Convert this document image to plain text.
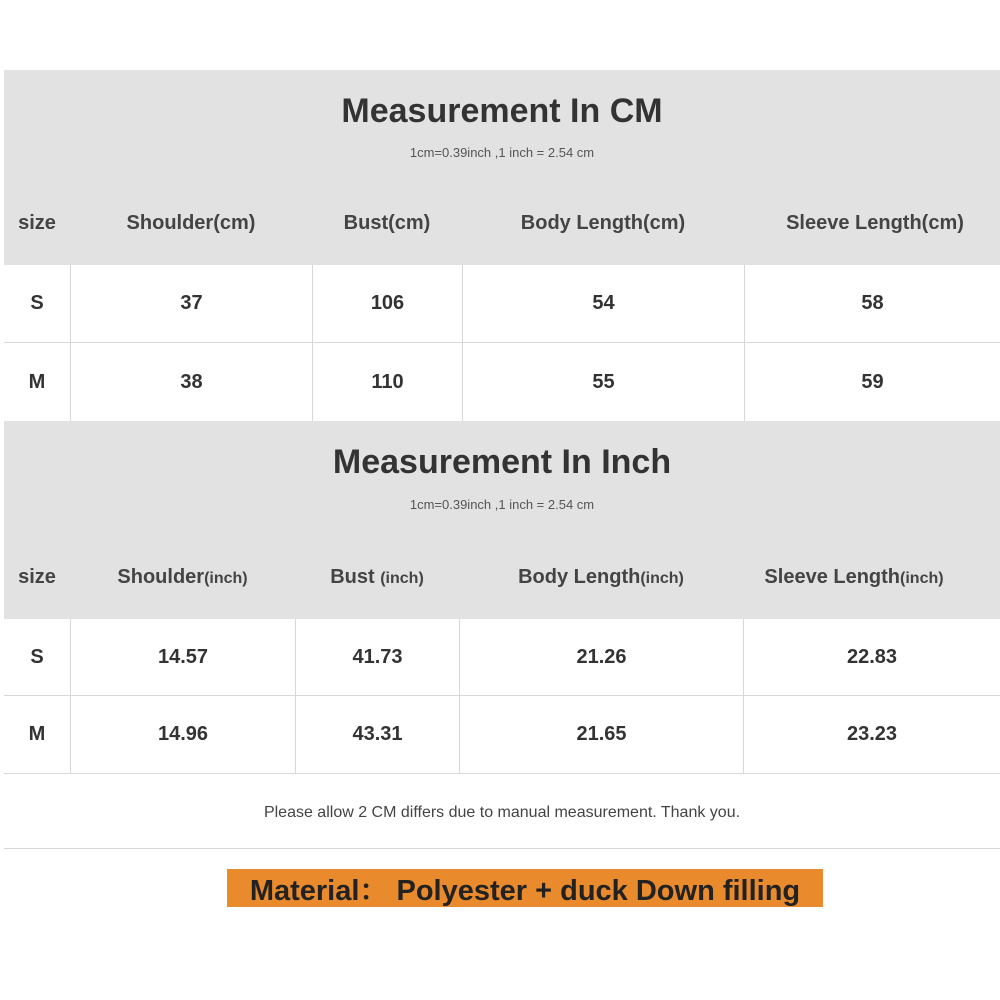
Measurement In CM
1cm=0.39inch ,1 inch = 2.54 cm
size	Shoulder(cm)	Bust(cm)	Body Length(cm)	Sleeve Length(cm)
S	37	106	54	58
M	38	110	55	59
Measurement In Inch
1cm=0.39inch ,1 inch = 2.54 cm
size	Shoulder(inch)	Bust (inch)	Body Length(inch)	Sleeve Length(inch)
S	14.57	41.73	21.26	22.83
M	14.96	43.31	21.65	23.23
Please allow 2 CM differs due to manual measurement. Thank you.
Material： Polyester + duck Down filling
